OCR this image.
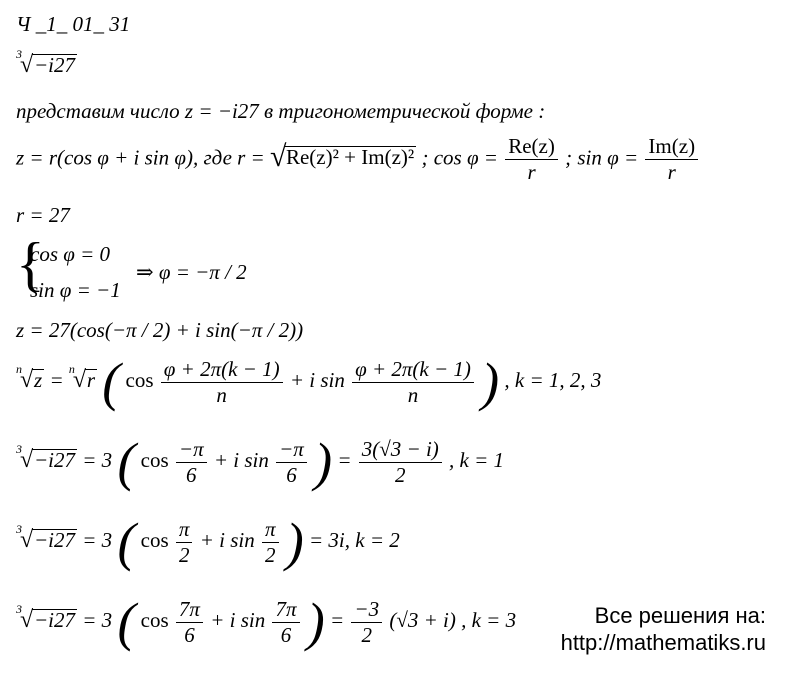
Ч _1_ 01_ 31
3
√ −i27
представим число z = −i27 в тригонометрической форме :
z = r(cos φ + i sin φ), где r = √ Re(z)² + Im(z)² ; $\cos \varphi = \frac{Re(z)}{r}$ ; $\sin \varphi = \frac{Im(z)}{r}$
r = 27
{
cos φ = 0
sin φ = −1
⇒ φ = −π / 2
z = 27(cos(−π / 2) + i sin(−π / 2))
n
√ z = n
√ r ( $\cos \frac{\varphi + 2\pi(k - 1)}{n} + i$ $\sin \frac{\varphi + 2\pi(k - 1)}{n}$ ) , k = 1, 2, 3
3
√ −i27 = 3 ( $\cos \frac{-\pi}{6} + i$ $\sin \frac{-\pi}{6}$ ) = $\frac{3(√3 - i)}{2}$ , k = 1
3
√ −i27 = 3 ( $\cos \frac{\pi}{2} + i$ $\sin \frac{\pi}{2}$ ) = 3i, k = 2
3
√ −i27 = 3 ( $\cos \frac{7\pi}{6} + i$ $\sin \frac{7\pi}{6}$ ) = $\frac{-3}{2} (√3 + i)$ , k = 3	Все решения на:
http://mathematiks.ru
